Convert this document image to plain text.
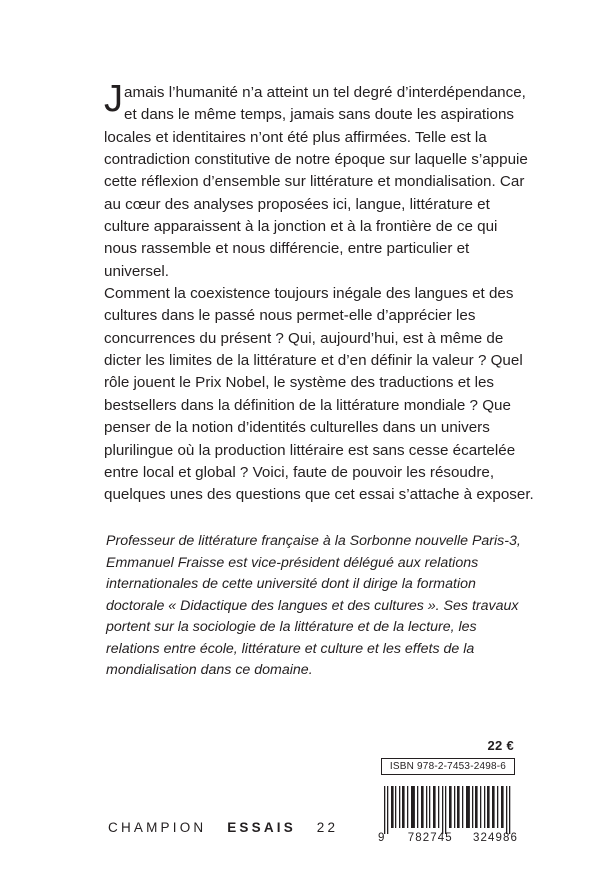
Jamais l’humanité n’a atteint un tel degré d’interdépendance, et dans le même temps, jamais sans doute les aspirations locales et identitaires n’ont été plus affirmées. Telle est la contradiction constitutive de notre époque sur laquelle s’appuie cette réflexion d’ensemble sur littérature et mondialisation. Car au cœur des analyses proposées ici, langue, littérature et culture apparaissent à la jonction et à la frontière de ce qui nous rassemble et nous différencie, entre particulier et universel.

Comment la coexistence toujours inégale des langues et des cultures dans le passé nous permet-elle d’apprécier les concurrences du présent ? Qui, aujourd’hui, est à même de dicter les limites de la littérature et d’en définir la valeur ? Quel rôle jouent le Prix Nobel, le système des traductions et les bestsellers dans la définition de la littérature mondiale ? Que penser de la notion d’identités culturelles dans un univers plurilingue où la production littéraire est sans cesse écartelée entre local et global ? Voici, faute de pouvoir les résoudre, quelques unes des questions que cet essai s’attache à exposer.

Professeur de littérature française à la Sorbonne nouvelle Paris-3, Emmanuel Fraisse est vice-président délégué aux relations internationales de cette université dont il dirige la formation doctorale « Didactique des langues et des cultures ». Ses travaux portent sur la sociologie de la littérature et de la lecture, les relations entre école, littérature et culture et les effets de la mondialisation dans ce domaine.

22 €
ISBN 978-2-7453-2498-6
9 782745 324986
CHAMPION ESSAIS 22
